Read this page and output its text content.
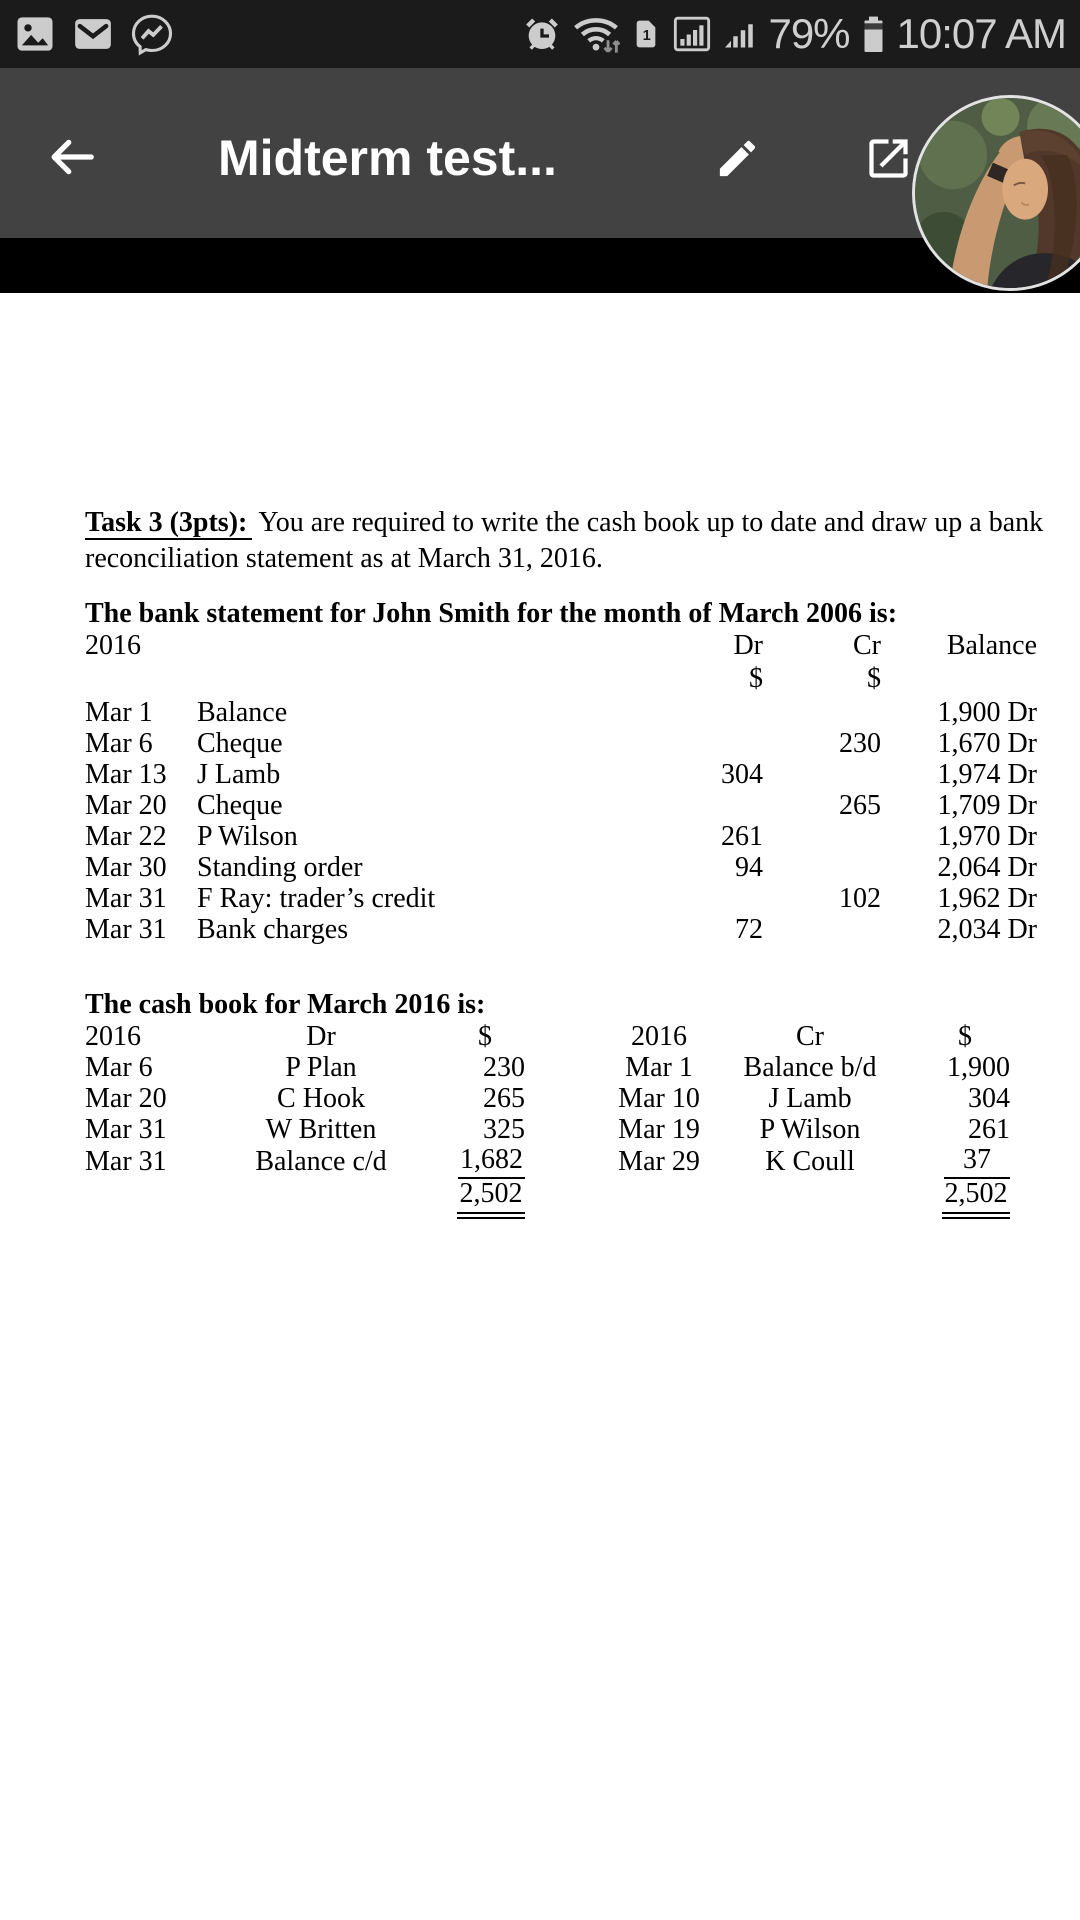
1	79% 10:07 AM
Midterm test...

Task 3 (3pts): You are required to write the cash book up to date and draw up a bank
reconciliation statement as at March 31, 2016.

The bank statement for John Smith for the month of March 2006 is:
2016		Dr	Cr	Balance
		$	$	
Mar 1	Balance			1,900 Dr
Mar 6	Cheque		230	1,670 Dr
Mar 13	J Lamb	304		1,974 Dr
Mar 20	Cheque		265	1,709 Dr
Mar 22	P Wilson	261		1,970 Dr
Mar 30	Standing order	94		2,064 Dr
Mar 31	F Ray: trader’s credit		102	1,962 Dr
Mar 31	Bank charges	72		2,034 Dr
The cash book for March 2016 is:
2016	Dr	$		2016	Cr	$
Mar 6	P Plan	230		Mar 1	Balance b/d	1,900
Mar 20	C Hook	265		Mar 10	J Lamb	304
Mar 31	W Britten	325		Mar 19	P Wilson	261
Mar 31	Balance c/d	1,682		Mar 29	K Coull	37
		2,502				2,502
